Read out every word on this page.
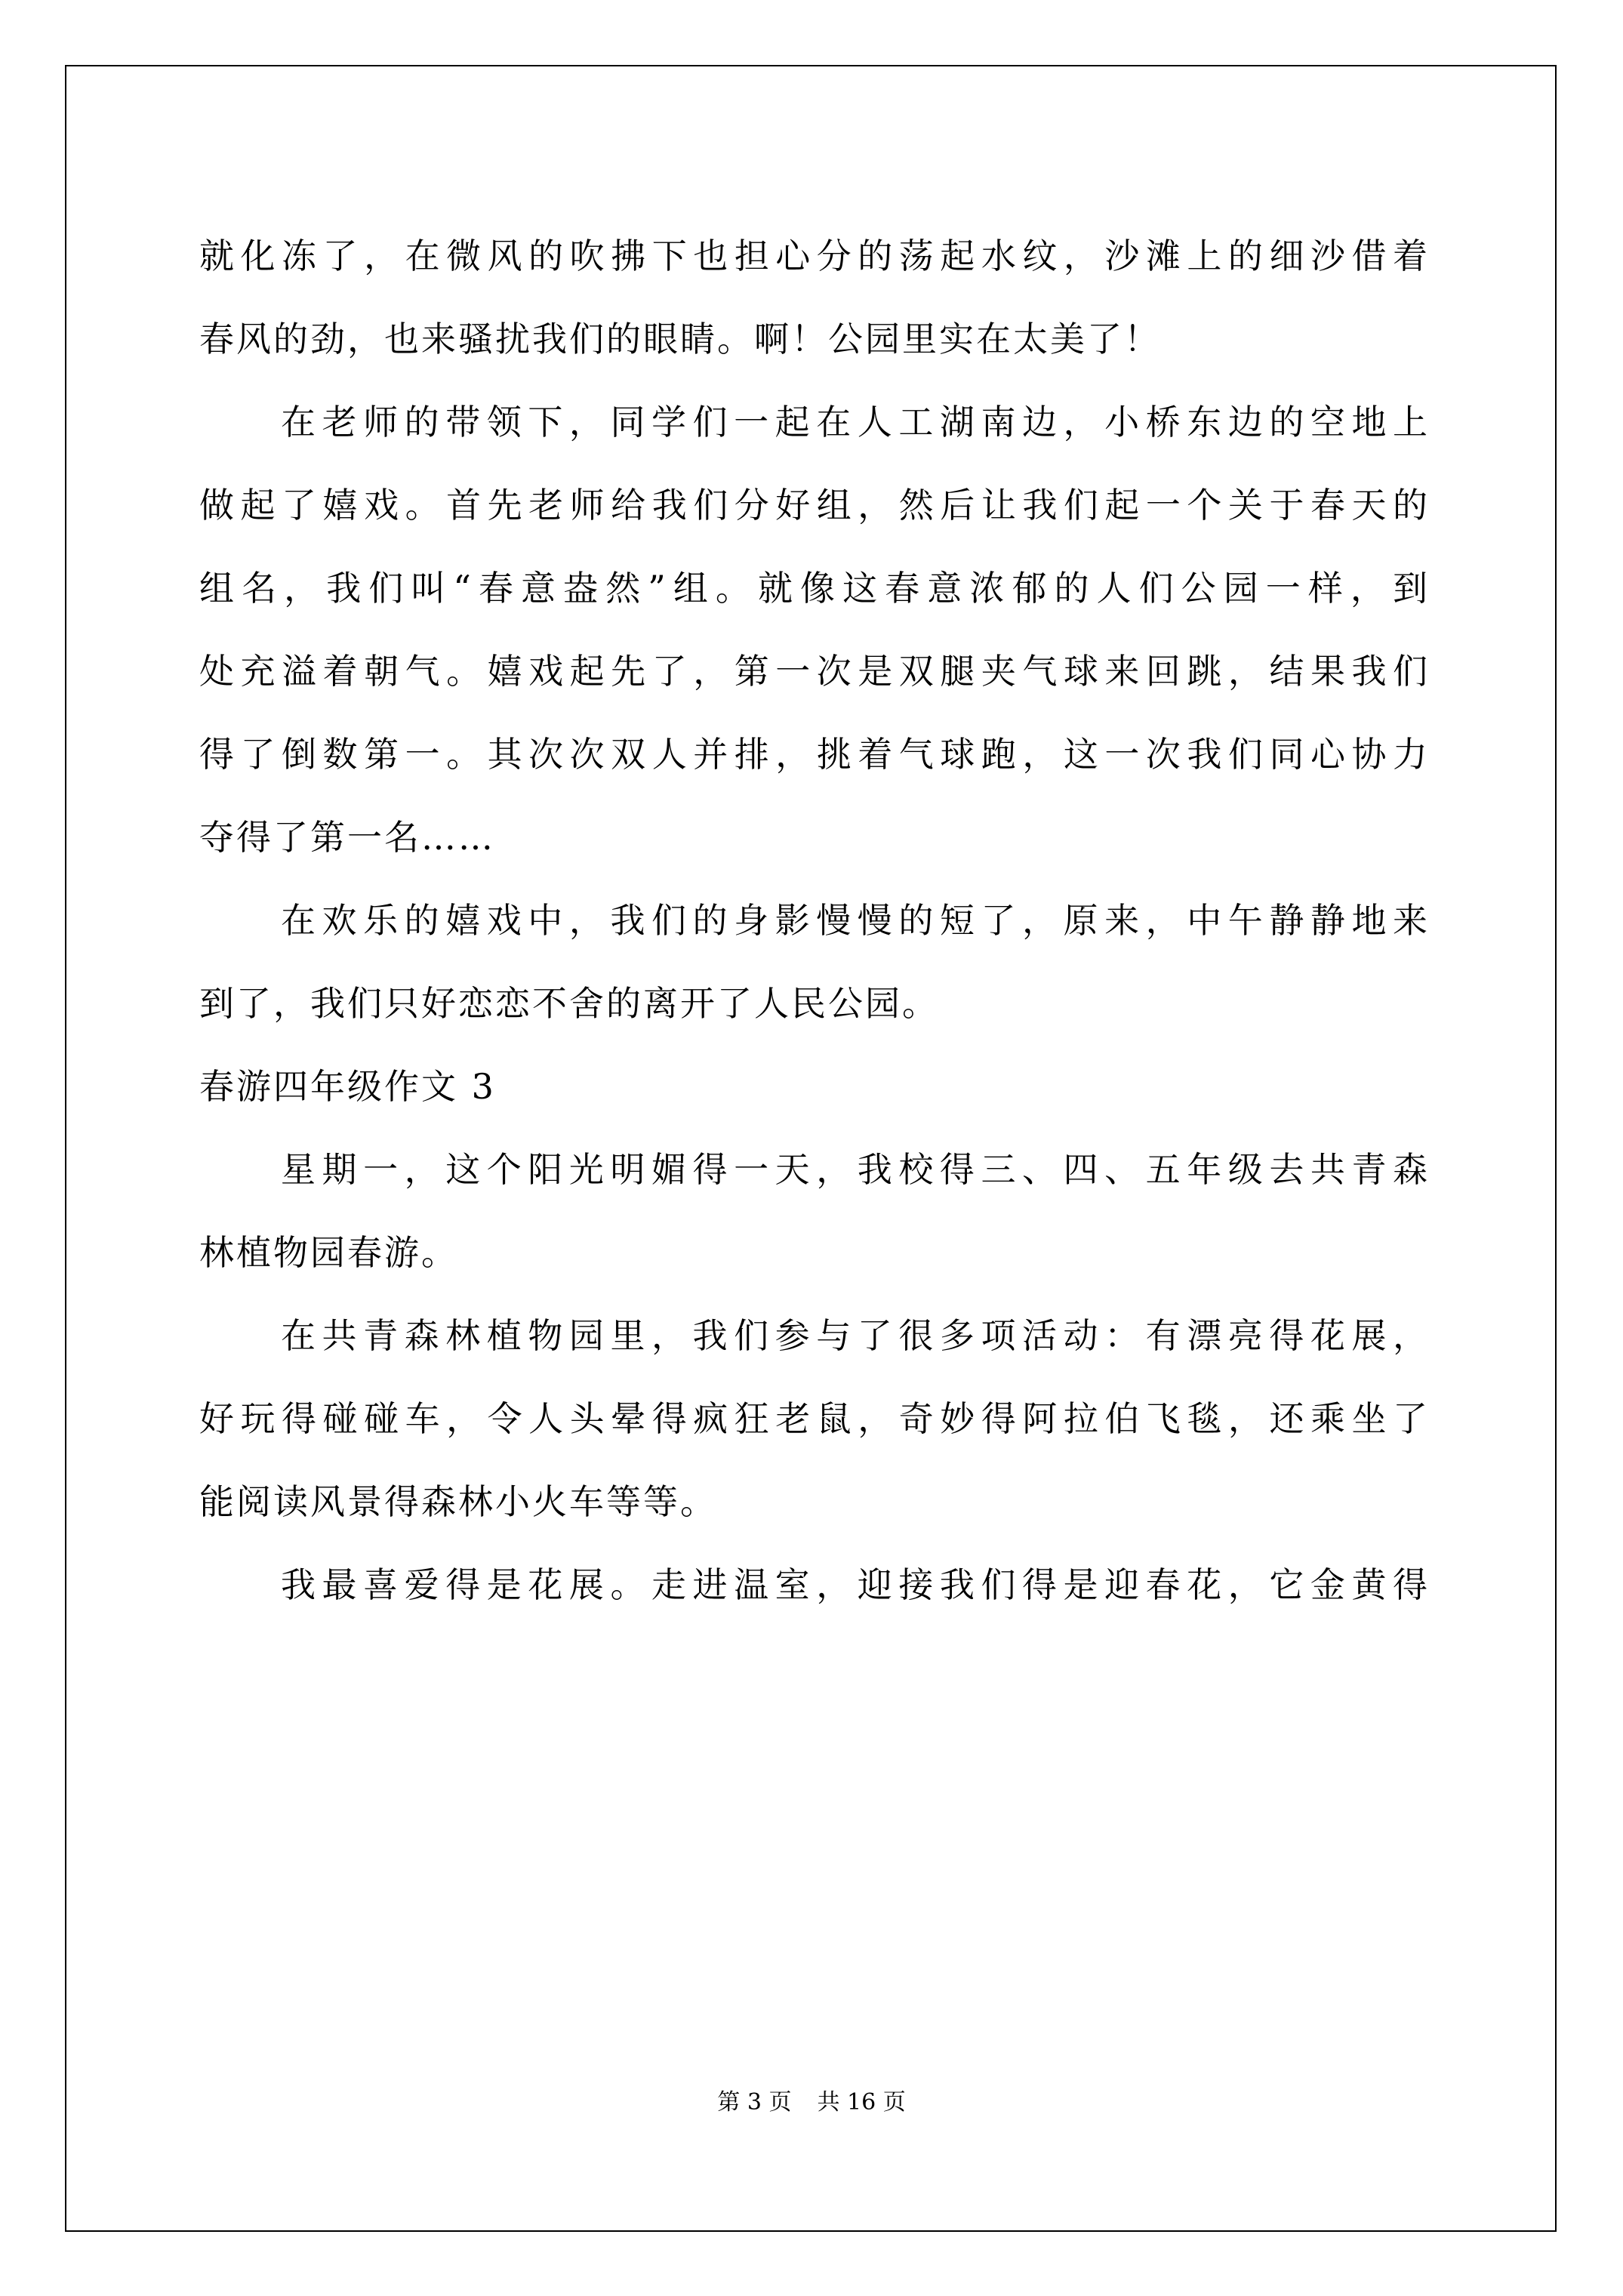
就化冻了，在微风的吹拂下也担心分的荡起水纹，沙滩上的细沙借着
春风的劲，也来骚扰我们的眼睛。啊！公园里实在太美了！
在老师的带领下，同学们一起在人工湖南边，小桥东边的空地上
做起了嬉戏。首先老师给我们分好组，然后让我们起一个关于春天的
组名，我们叫“春意盎然”组。就像这春意浓郁的人们公园一样，到
处充溢着朝气。嬉戏起先了，第一次是双腿夹气球来回跳，结果我们
得了倒数第一。其次次双人并排，挑着气球跑，这一次我们同心协力
夺得了第一名……
在欢乐的嬉戏中，我们的身影慢慢的短了，原来，中午静静地来
到了，我们只好恋恋不舍的离开了人民公园。
春游四年级作文 3
星期一，这个阳光明媚得一天，我校得三、四、五年级去共青森
林植物园春游。
在共青森林植物园里，我们参与了很多项活动：有漂亮得花展，
好玩得碰碰车，令人头晕得疯狂老鼠，奇妙得阿拉伯飞毯，还乘坐了
能阅读风景得森林小火车等等。
我最喜爱得是花展。走进温室，迎接我们得是迎春花，它金黄得
第 3 页 共 16 页
